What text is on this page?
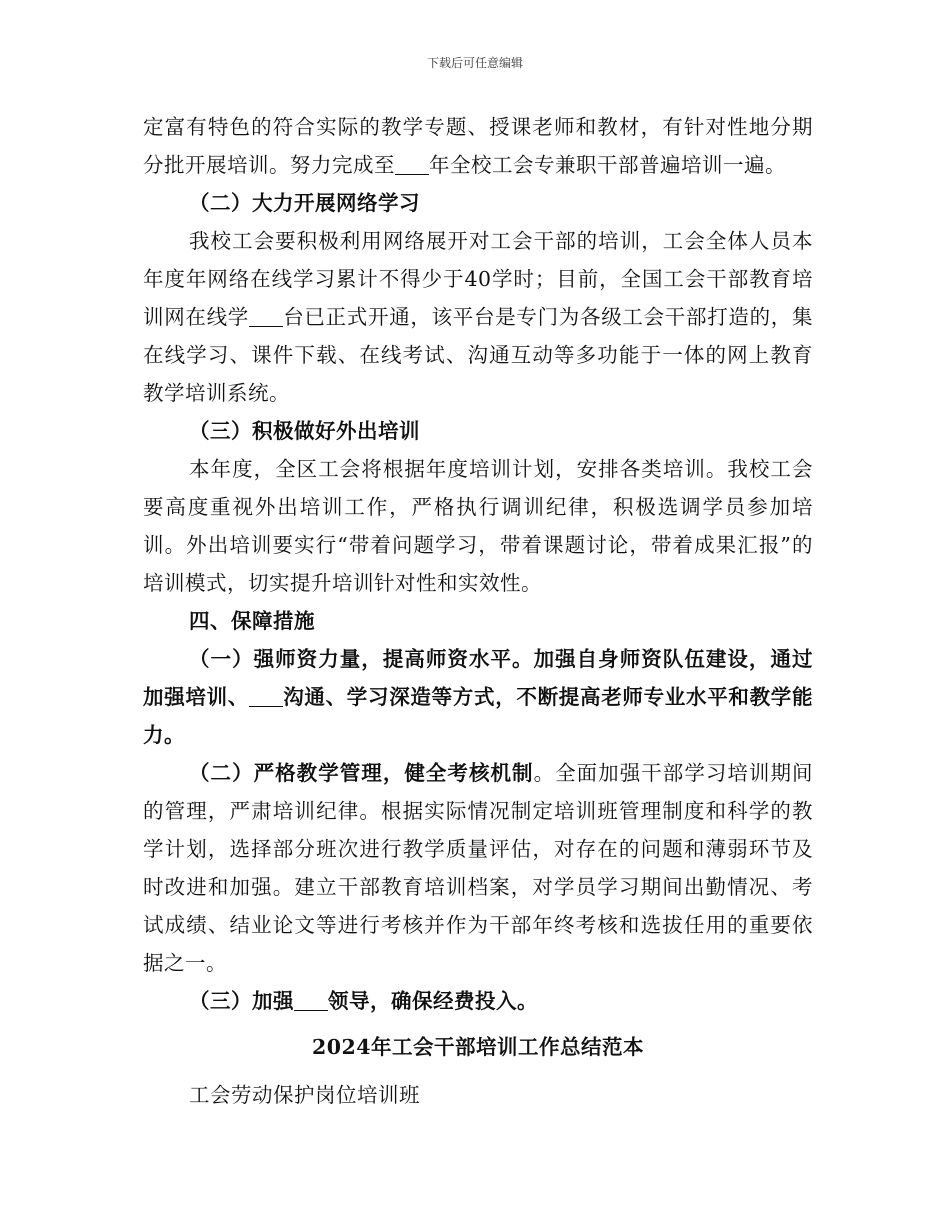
下载后可任意编辑

定富有特色的符合实际的教学专题、授课老师和教材，有针对性地分期分批开展培训。努力完成至 年全校工会专兼职干部普遍培训一遍。

（二）大力开展网络学习

我校工会要积极利用网络展开对工会干部的培训，工会全体人员本年度年网络在线学习累计不得少于40学时；目前，全国工会干部教育培训网在线学 台已正式开通，该平台是专门为各级工会干部打造的，集在线学习、课件下载、在线考试、沟通互动等多功能于一体的网上教育教学培训系统。

（三）积极做好外出培训

本年度，全区工会将根据年度培训计划，安排各类培训。我校工会要高度重视外出培训工作，严格执行调训纪律，积极选调学员参加培训。外出培训要实行“带着问题学习，带着课题讨论，带着成果汇报”的培训模式，切实提升培训针对性和实效性。

四、保障措施

（一）强师资力量，提高师资水平。加强自身师资队伍建设，通过加强培训、 沟通、学习深造等方式，不断提高老师专业水平和教学能力。

（二）严格教学管理，健全考核机制。全面加强干部学习培训期间的管理，严肃培训纪律。根据实际情况制定培训班管理制度和科学的教学计划，选择部分班次进行教学质量评估，对存在的问题和薄弱环节及时改进和加强。建立干部教育培训档案，对学员学习期间出勤情况、考试成绩、结业论文等进行考核并作为干部年终考核和选拔任用的重要依据之一。

（三）加强 领导，确保经费投入。

2024年工会干部培训工作总结范本

工会劳动保护岗位培训班
